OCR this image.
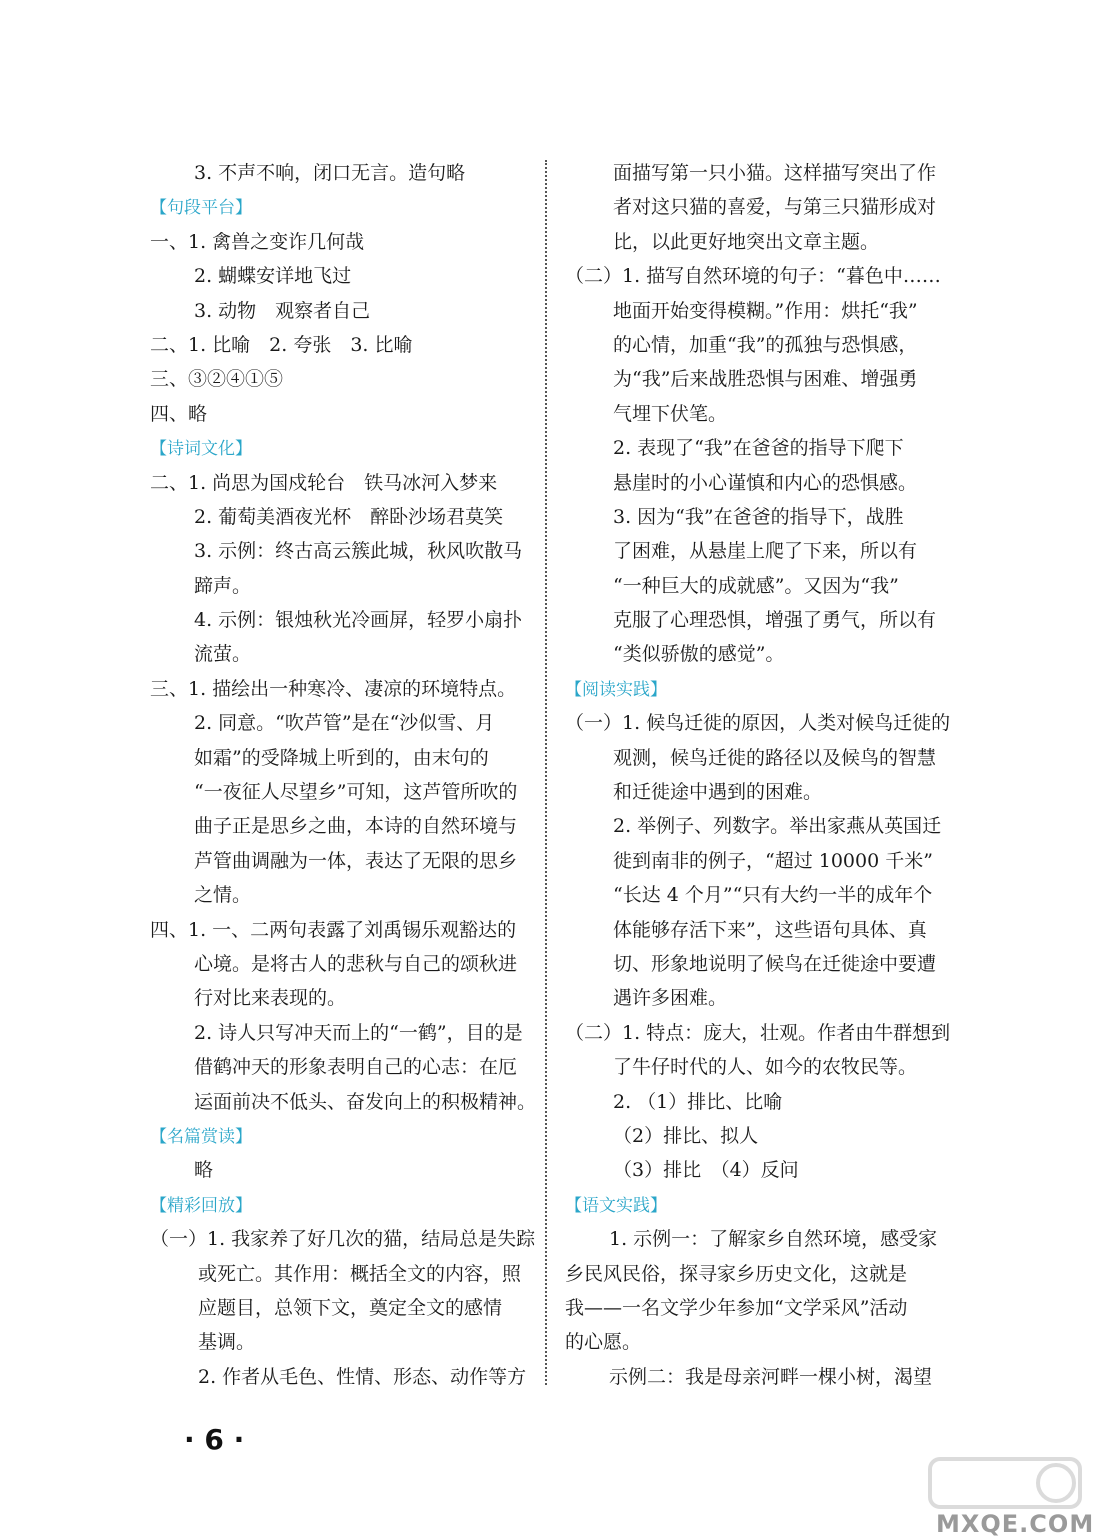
3. 不声不响，闭口无言。造句略
【句段平台】
一、1. 禽兽之变诈几何哉
2. 蝴蝶安详地飞过
3. 动物　观察者自己
二、1. 比喻　2. 夸张　3. 比喻
三、③②④①⑤
四、略
【诗词文化】
二、1. 尚思为国戍轮台　铁马冰河入梦来
2. 葡萄美酒夜光杯　醉卧沙场君莫笑
3. 示例：终古高云簇此城，秋风吹散马
蹄声。
4. 示例：银烛秋光冷画屏，轻罗小扇扑
流萤。
三、1. 描绘出一种寒冷、凄凉的环境特点。
2. 同意。“吹芦管”是在“沙似雪、月
如霜”的受降城上听到的，由末句的
“一夜征人尽望乡”可知，这芦管所吹的
曲子正是思乡之曲，本诗的自然环境与
芦管曲调融为一体，表达了无限的思乡
之情。
四、1. 一、二两句表露了刘禹锡乐观豁达的
心境。是将古人的悲秋与自己的颂秋进
行对比来表现的。
2. 诗人只写冲天而上的“一鹤”，目的是
借鹤冲天的形象表明自己的心志：在厄
运面前决不低头、奋发向上的积极精神。
【名篇赏读】
略
【精彩回放】
（一）1. 我家养了好几次的猫，结局总是失踪
或死亡。其作用：概括全文的内容，照
应题目，总领下文，奠定全文的感情
基调。
2. 作者从毛色、性情、形态、动作等方
面描写第一只小猫。这样描写突出了作
者对这只猫的喜爱，与第三只猫形成对
比，以此更好地突出文章主题。
（二）1. 描写自然环境的句子：“暮色中……
地面开始变得模糊。”作用：烘托“我”
的心情，加重“我”的孤独与恐惧感，
为“我”后来战胜恐惧与困难、增强勇
气埋下伏笔。
2. 表现了“我”在爸爸的指导下爬下
悬崖时的小心谨慎和内心的恐惧感。
3. 因为“我”在爸爸的指导下，战胜
了困难，从悬崖上爬了下来，所以有
“一种巨大的成就感”。又因为“我”
克服了心理恐惧，增强了勇气，所以有
“类似骄傲的感觉”。
【阅读实践】
（一）1. 候鸟迁徙的原因，人类对候鸟迁徙的
观测，候鸟迁徙的路径以及候鸟的智慧
和迁徙途中遇到的困难。
2. 举例子、列数字。举出家燕从英国迁
徙到南非的例子，“超过 10000 千米”
“长达 4 个月”“只有大约一半的成年个
体能够存活下来”，这些语句具体、真
切、形象地说明了候鸟在迁徙途中要遭
遇许多困难。
（二）1. 特点：庞大，壮观。作者由牛群想到
了牛仔时代的人、如今的农牧民等。
2. （1）排比、比喻
（2）排比、拟人
（3）排比　（4）反问
【语文实践】
1. 示例一：了解家乡自然环境，感受家
乡民风民俗，探寻家乡历史文化，这就是
我——一名文学少年参加“文学采风”活动
的心愿。
示例二：我是母亲河畔一棵小树，渴望
· 6 ·
MXQE.COM
